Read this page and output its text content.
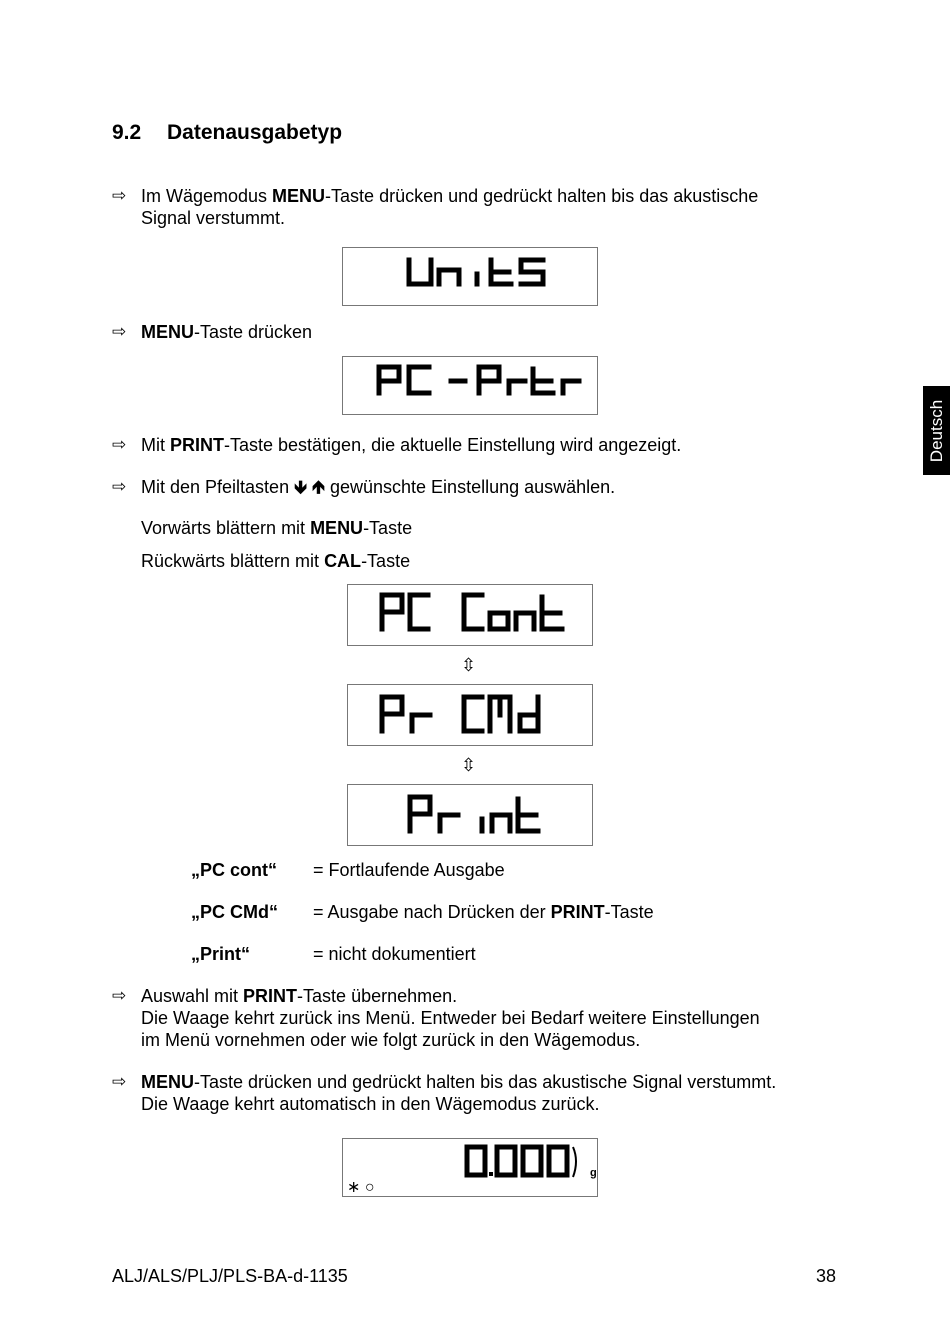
9.2 Datenausgabetyp
⇨ Im Wägemodus MENU-Taste drücken und gedrückt halten bis das akustische
Signal verstummt.
⇨ MENU-Taste drücken
⇨ Mit PRINT-Taste bestätigen, die aktuelle Einstellung wird angezeigt.
⇨ Mit den Pfeiltasten 🡻 🡹 gewünschte Einstellung auswählen.
Vorwärts blättern mit MENU-Taste
Rückwärts blättern mit CAL-Taste
⇳
⇳
„PC cont“ = Fortlaufende Ausgabe
„PC CMd“ = Ausgabe nach Drücken der PRINT-Taste
„Print“	= nicht dokumentiert
⇨ Auswahl mit PRINT-Taste übernehmen.
Die Waage kehrt zurück ins Menü. Entweder bei Bedarf weitere Einstellungen
im Menü vornehmen oder wie folgt zurück in den Wägemodus.
⇨ MENU-Taste drücken und gedrückt halten bis das akustische Signal verstummt.
Die Waage kehrt automatisch in den Wägemodus zurück.
g
∗ ○
Deutsch
ALJ/ALS/PLJ/PLS-BA-d-1135	38
